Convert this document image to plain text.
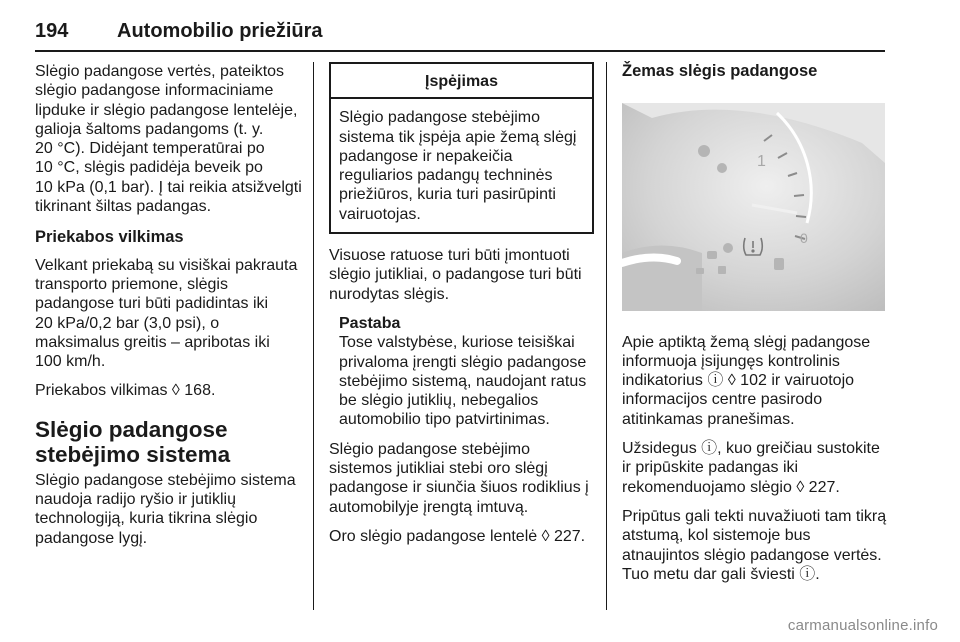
194 Automobilio priežiūra

Slėgio padangose vertės, pateiktos
slėgio padangose informaciniame
lipduke ir slėgio padangose lentelėje,
galioja šaltoms padangoms (t. y.
20 °C). Didėjant temperatūrai po
10 °C, slėgis padidėja beveik po
10 kPa (0,1 bar). Į tai reikia atsižvelgti
tikrinant šiltas padangas.

Priekabos vilkimas

Velkant priekabą su visiškai pakrauta
transporto priemone, slėgis
padangose turi būti padidintas iki
20 kPa/0,2 bar (3,0 psi), o
maksimalus greitis – apribotas iki
100 km/h.

Priekabos vilkimas ◊ 168.

Slėgio padangose
stebėjimo sistema

Slėgio padangose stebėjimo sistema
naudoja radijo ryšio ir jutiklių
technologiją, kuria tikrina slėgio
padangose lygį.

Įspėjimas
Slėgio padangose stebėjimo
sistema tik įspėja apie žemą slėgį
padangose ir nepakeičia
reguliarios padangų techninės
priežiūros, kuria turi pasirūpinti
vairuotojas.

Visuose ratuose turi būti įmontuoti
slėgio jutikliai, o padangose turi būti
nurodytas slėgis.

Pastaba
Tose valstybėse, kuriose teisiškai
privaloma įrengti slėgio padangose
stebėjimo sistemą, naudojant ratus
be slėgio jutiklių, nebegalios
automobilio tipo patvirtinimas.

Slėgio padangose stebėjimo
sistemos jutikliai stebi oro slėgį
padangose ir siunčia šiuos rodiklius į
automobilyje įrengtą imtuvą.

Oro slėgio padangose lentelė ◊ 227.

Žemas slėgis padangose
1
0

Apie aptiktą žemą slėgį padangose
informuoja įsijungęs kontrolinis
indikatorius ⓘ ◊ 102 ir vairuotojo
informacijos centre pasirodo
atitinkamas pranešimas.

Užsidegus ⓘ, kuo greičiau sustokite
ir pripūskite padangas iki
rekomenduojamo slėgio ◊ 227.

Pripūtus gali tekti nuvažiuoti tam tikrą
atstumą, kol sistemoje bus
atnaujintos slėgio padangose vertės.
Tuo metu dar gali šviesti ⓘ.

carmanualsonline.info
